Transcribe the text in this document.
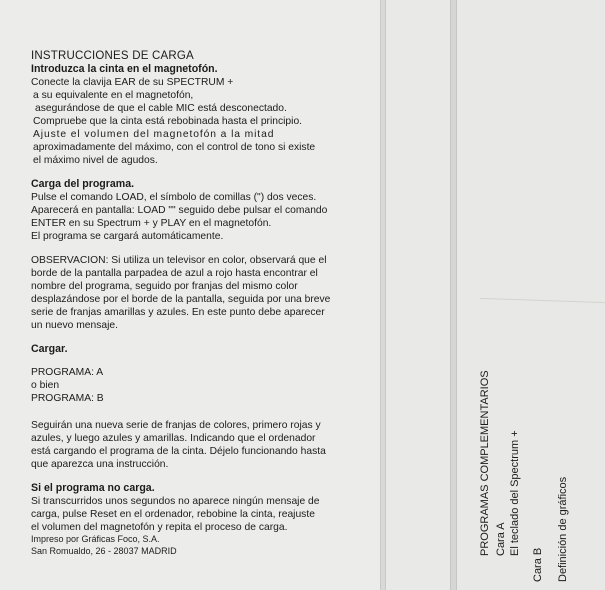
INSTRUCCIONES DE CARGA

Introduzca la cinta en el magnetofón.

Conecte la clavija EAR de su SPECTRUM +

a su equivalente en el magnetofón,

asegurándose de que el cable MIC está desconectado.

Compruebe que la cinta está rebobinada hasta el principio.

Ajuste el volumen del magnetofón a la mitad

aproximadamente del máximo, con el control de tono si existe

el máximo nivel de agudos.

Carga del programa.

Pulse el comando LOAD, el símbolo de comillas (") dos veces.

Aparecerá en pantalla: LOAD "" seguido debe pulsar el comando

ENTER en su Spectrum + y PLAY en el magnetofón.

El programa se cargará automáticamente.

OBSERVACION: Si utiliza un televisor en color, observará que el

borde de la pantalla parpadea de azul a rojo hasta encontrar el

nombre del programa, seguido por franjas del mismo color

desplazándose por el borde de la pantalla, seguida por una breve

serie de franjas amarillas y azules. En este punto debe aparecer

un nuevo mensaje.

Cargar.

PROGRAMA: A

o bien

PROGRAMA: B

Seguirán una nueva serie de franjas de colores, primero rojas y

azules, y luego azules y amarillas. Indicando que el ordenador

está cargando el programa de la cinta. Déjelo funcionando hasta

que aparezca una instrucción.

Si el programa no carga.

Si transcurridos unos segundos no aparece ningún mensaje de

carga, pulse Reset en el ordenador, rebobine la cinta, reajuste

el volumen del magnetofón y repita el proceso de carga.

Impreso por Gráficas Foco, S.A.

San Romualdo, 26 - 28037 MADRID	PROGRAMAS COMPLEMENTARIOS Cara A El teclado del Spectrum +
Cara B Definición de gráficos
